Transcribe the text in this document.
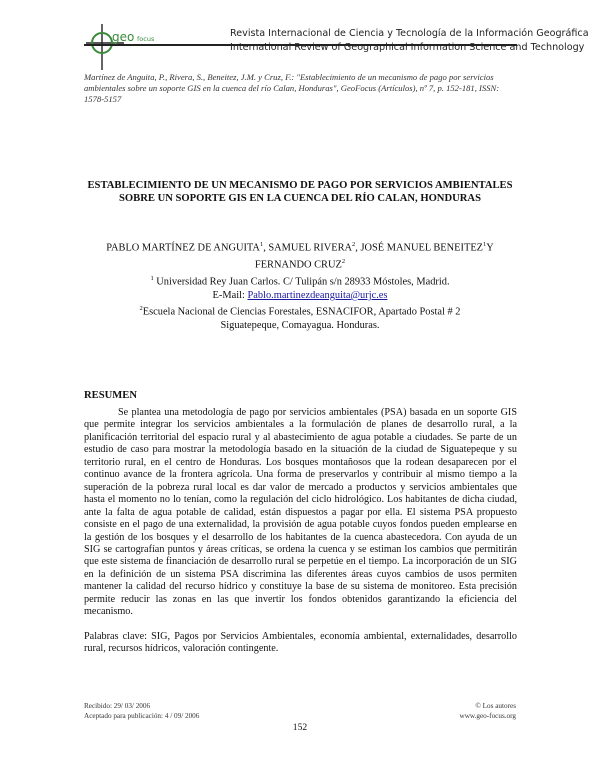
geo focus	Revista Internacional de Ciencia y Tecnología de la Información Geográfica
International Review of Geographical Information Science and Technology
Martínez de Anguita, P., Rivera, S., Beneitez, J.M. y Cruz, F.: "Establecimiento de un mecanismo de pago por servicios ambientales sobre un soporte GIS en la cuenca del río Calan, Honduras", GeoFocus (Artículos), nº 7, p. 152-181, ISSN: 1578-5157
ESTABLECIMIENTO DE UN MECANISMO DE PAGO POR SERVICIOS AMBIENTALES SOBRE UN SOPORTE GIS EN LA CUENCA DEL RÍO CALAN, HONDURAS
PABLO MARTÍNEZ DE ANGUITA$^1$, SAMUEL RIVERA$^2$, JOSÉ MANUEL BENEITEZ$^1$Y
FERNANDO CRUZ$^2$
$^1$ Universidad Rey Juan Carlos. C/ Tulipán s/n 28933 Móstoles, Madrid.
E-Mail: Pablo.martinezdeanguita@urjc.es
$^2$Escuela Nacional de Ciencias Forestales, ESNACIFOR, Apartado Postal # 2
Siguatepeque, Comayagua. Honduras.
RESUMEN

Se plantea una metodología de pago por servicios ambientales (PSA) basada en un soporte GIS que permite integrar los servicios ambientales a la formulación de planes de desarrollo rural, a la planificación territorial del espacio rural y al abastecimiento de agua potable a ciudades. Se parte de un estudio de caso para mostrar la metodología basado en la situación de la ciudad de Siguatepeque y su territorio rural, en el centro de Honduras. Los bosques montañosos que la rodean desaparecen por el continuo avance de la frontera agrícola. Una forma de preservarlos y contribuir al mismo tiempo a la superación de la pobreza rural local es dar valor de mercado a productos y servicios ambientales que hasta el momento no lo tenían, como la regulación del ciclo hidrológico. Los habitantes de dicha ciudad, ante la falta de agua potable de calidad, están dispuestos a pagar por ella. El sistema PSA propuesto consiste en el pago de una externalidad, la provisión de agua potable cuyos fondos pueden emplearse en la gestión de los bosques y el desarrollo de los habitantes de la cuenca abastecedora. Con ayuda de un SIG se cartografían puntos y áreas críticas, se ordena la cuenca y se estiman los cambios que permitirán que este sistema de financiación de desarrollo rural se perpetúe en el tiempo. La incorporación de un SIG en la definición de un sistema PSA discrimina las diferentes áreas cuyos cambios de usos permiten mantener la calidad del recurso hídrico y constituye la base de su sistema de monitoreo. Esta precisión permite reducir las zonas en las que invertir los fondos obtenidos garantizando la eficiencia del mecanismo.

Palabras clave: SIG, Pagos por Servicios Ambientales, economía ambiental, externalidades, desarrollo rural, recursos hídricos, valoración contingente.

Recibido: 29/ 03/ 2006
Aceptado para publicación: 4 / 09/ 2006
© Los autores
www.geo-focus.org
152
